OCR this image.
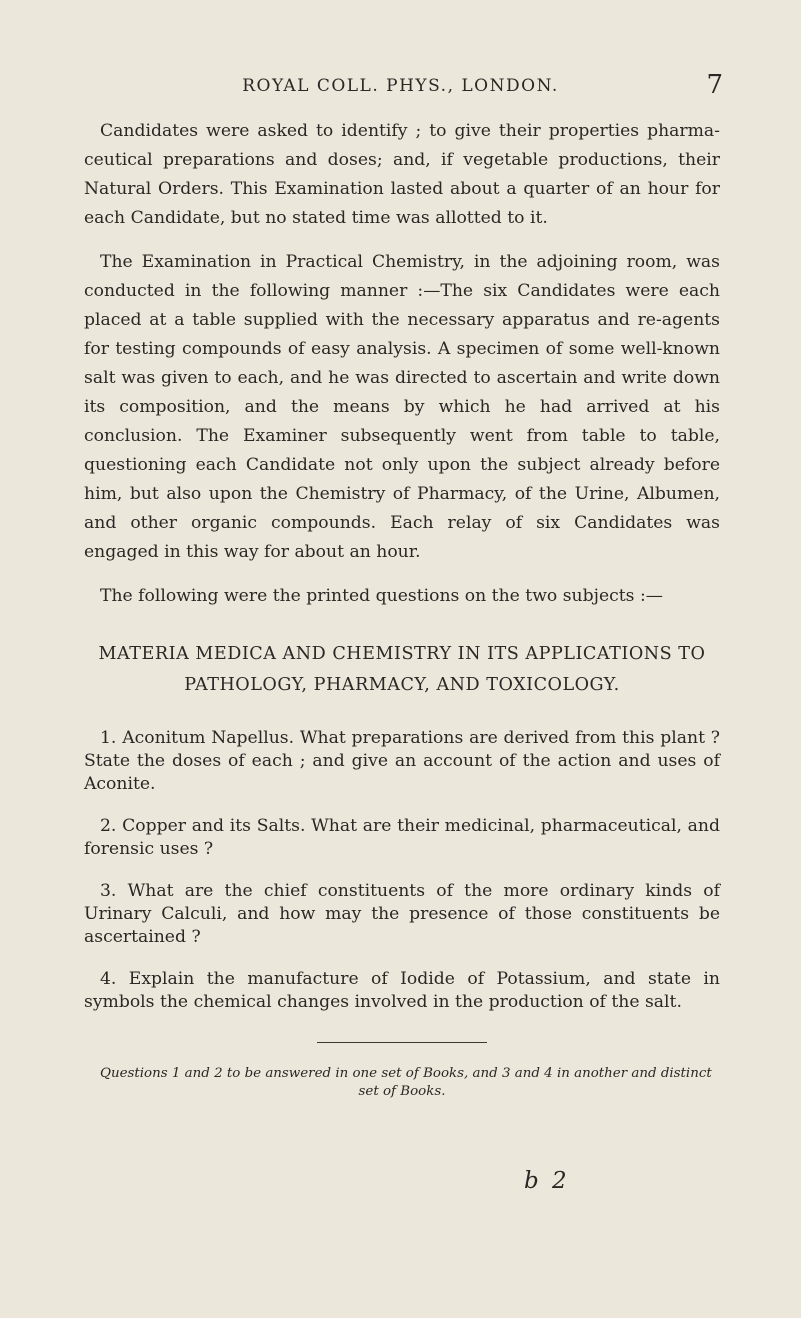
ROYAL COLL. PHYS., LONDON.	7

Candidates were asked to identify ; to give their properties pharma-ceutical preparations and doses; and, if vegetable productions, their Natural Orders. This Examination lasted about a quarter of an hour for each Candidate, but no stated time was allotted to it.

The Examination in Practical Chemistry, in the adjoining room, was conducted in the following manner :—The six Candidates were each placed at a table supplied with the necessary apparatus and re-agents for testing compounds of easy analysis. A specimen of some well-known salt was given to each, and he was directed to ascertain and write down its composition, and the means by which he had arrived at his conclusion. The Examiner subsequently went from table to table, questioning each Candidate not only upon the subject already before him, but also upon the Chemistry of Pharmacy, of the Urine, Albumen, and other organic compounds. Each relay of six Candidates was engaged in this way for about an hour.

The following were the printed questions on the two subjects :—

MATERIA MEDICA AND CHEMISTRY IN ITS APPLICATIONS TO
PATHOLOGY, PHARMACY, AND TOXICOLOGY.

1. Aconitum Napellus. What preparations are derived from this plant ? State the doses of each ; and give an account of the action and uses of Aconite.

2. Copper and its Salts. What are their medicinal, pharmaceutical, and forensic uses ?

3. What are the chief constituents of the more ordinary kinds of Urinary Calculi, and how may the presence of those constituents be ascertained ?

4. Explain the manufacture of Iodide of Potassium, and state in symbols the chemical changes involved in the production of the salt.

Questions 1 and 2 to be answered in one set of Books, and 3 and 4 in another and distinct

set of Books.

b 2
